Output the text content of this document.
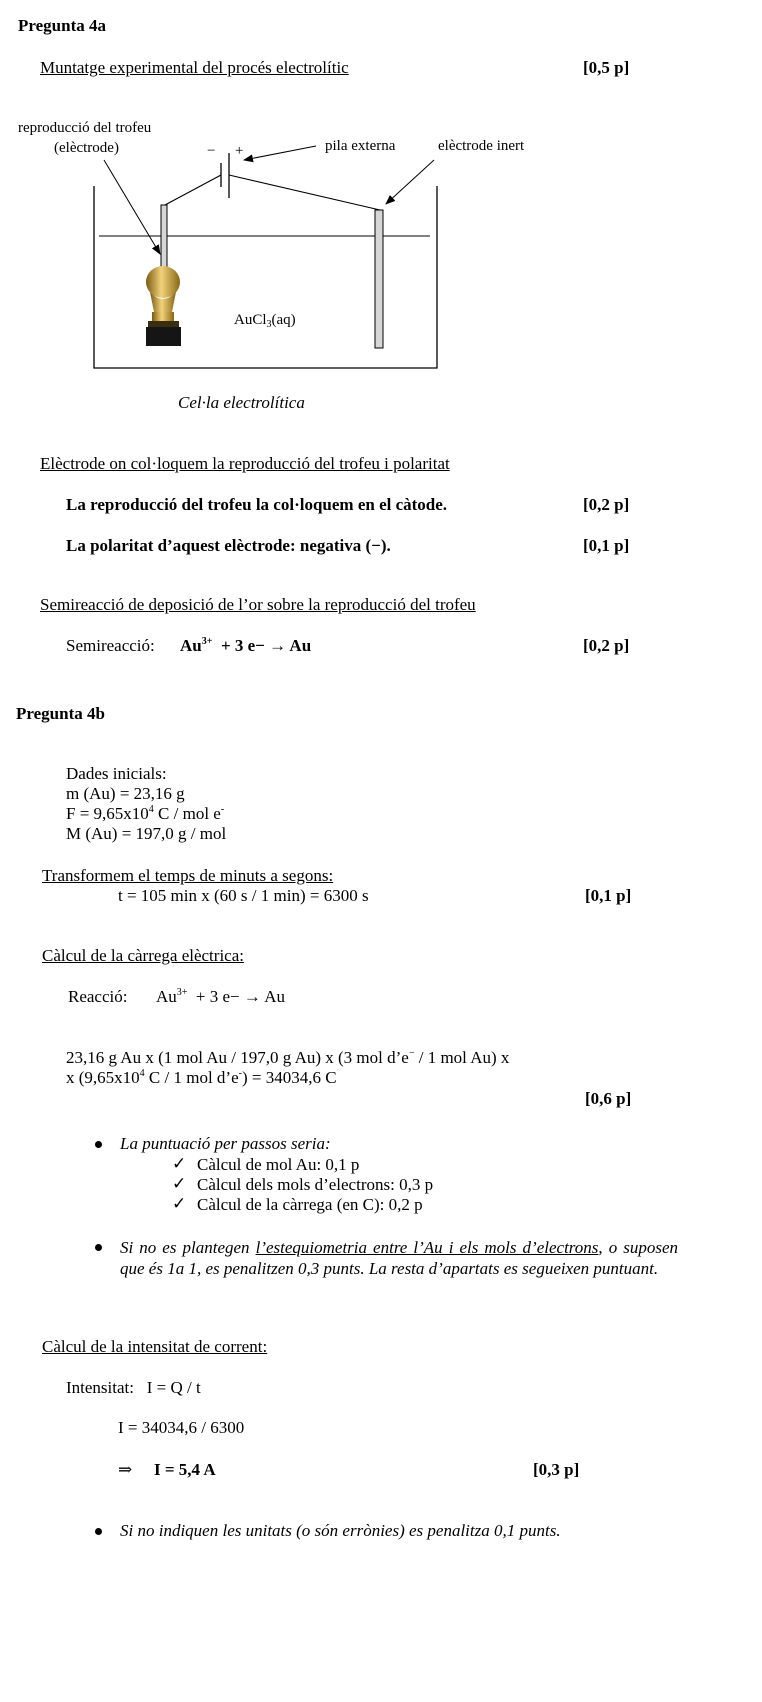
Pregunta 4a
Muntatge experimental del procés electrolític	[0,5 p]
reproducció del trofeu
(elèctrode)	− +	pila externa	elèctrode inert
AuCl$_3$(aq)
Cel·la electrolítica
Elèctrode on col·loquem la reproducció del trofeu i polaritat
La reproducció del trofeu la col·loquem en el càtode.	[0,2 p]
La polaritat d’aquest elèctrode: negativa (−).	[0,1 p]
Semireacció de deposició de l’or sobre la reproducció del trofeu
Semireacció: $Au^{3+} + 3$ e− → Au	[0,2 p]
Pregunta 4b
Dades inicials:
m (Au) = 23,16 g
$F = 9,65x10^4$ C / mol e-
M (Au) = 197,0 g / mol
Transformem el temps de minuts a segons:
t = 105 min x (60 s / 1 min) = 6300 s	[0,1 p]
Càlcul de la càrrega elèctrica:
Reacció: $Au^{3+} + 3$ e− → Au
23,16 g Au x (1 mol Au / 197,0 g Au) x (3 mol d’e− / 1 mol Au) x
x ($9,65x10^4$ C / 1 mol d’e-) = 34034,6 C
[0,6 p]
La puntuació per passos seria:
✓ Càlcul de mol Au: 0,1 p
✓ Càlcul dels mols d’electrons: 0,3 p
✓ Càlcul de la càrrega (en C): 0,2 p
Si no es plantegen l’estequiometria entre l’Au i els mols d’electrons, o suposen que és 1a 1, es penalitzen 0,3 punts. La resta d’apartats es segueixen puntuant.
Càlcul de la intensitat de corrent:
Intensitat:   I = Q / t
I = 34034,6 / 6300
⇒ I = 5,4 A	[0,3 p]
Si no indiquen les unitats (o són errònies) es penalitza 0,1 punts.
